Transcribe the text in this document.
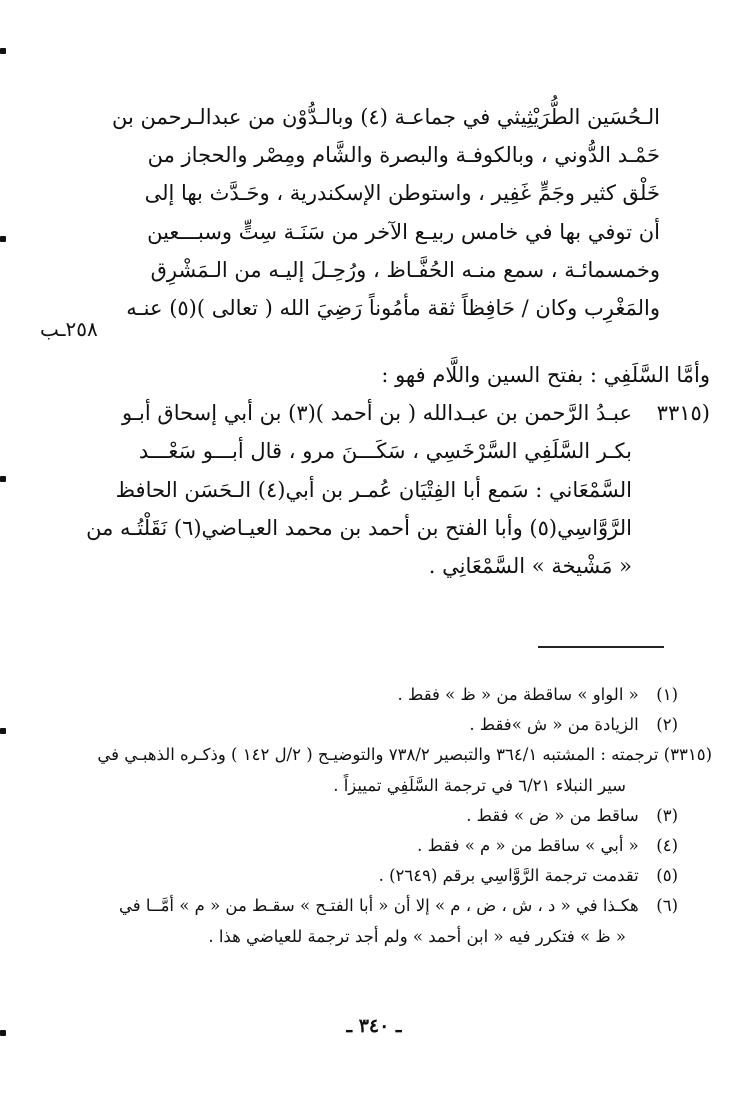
الـحُسَين الطُّرَيْثِيثي في جماعـة (٤) وبالـدُّوْن من عبدالـرحمن بن
حَمْـد الدُّوني ، وبالكوفـة والبصرة والشَّام ومِصْر والحجاز من
خَلْق كثير وجَمٍّ غَفِير ، واستوطن الإسكندرية ، وحَـدَّث بها إلى
أن توفي بها في خامس ربيـع الآخر من سَنَـة سِتٍّ وسبـــعين
وخمسمائـة ، سمع منـه الحُفَّـاظ ، ورُحِـلَ إليـه من الـمَشْرِق
والمَغْرِب وكان / حَافِظاً ثقة مأمُوناً رَضِيَ الله ( تعالى )(٥) عنـه
٢٥٨ـب
وأمَّا السَّلَفِي : بفتح السين واللَّام فهو :
(٣٣١٥عبـدُ الرَّحمن بن عبـدالله ( بن أحمد )(٣) بن أبي إسحاق أبـو
بكـر السَّلَفِي السَّرْخَسِي ، سَكَـــنَ مرو ، قال أبـــو سَعْـــد
السَّمْعَاني : سَمع أبا الفِتْيَان عُمـر بن أبي(٤) الـحَسَن الحافظ
الرَّوَّاسِي(٥) وأبا الفتح بن أحمد بن محمد العيـاضي(٦) نَقَلْتُـه من
« مَشْيخة » السَّمْعَانِي .
(١) « الواو » ساقطة من « ظ » فقط .
(٢) الزيادة من « ش »فقط .
(٣٣١٥) ترجمته : المشتبه ٣٦٤/١ والتبصير ٧٣٨/٢ والتوضيـح ( ٢/ل ١٤٢ ) وذكـره الذهبـي في
سير النبلاء ٦/٢١ في ترجمة السَّلَفِي تمييزاً .
(٣) ساقط من « ض » فقط .
(٤) « أبي » ساقط من « م » فقط .
(٥) تقدمت ترجمة الرَّوَّاسِي برقم (٢٦٤٩) .
(٦) هكـذا في « د ، ش ، ض ، م » إلا أن « أبا الفتـح » سقـط من « م » أمَّــا في
« ظ » فتكرر فيه « ابن أحمد » ولم أجد ترجمة للعياضي هذا .
ـ ٣٤٠ ـ
